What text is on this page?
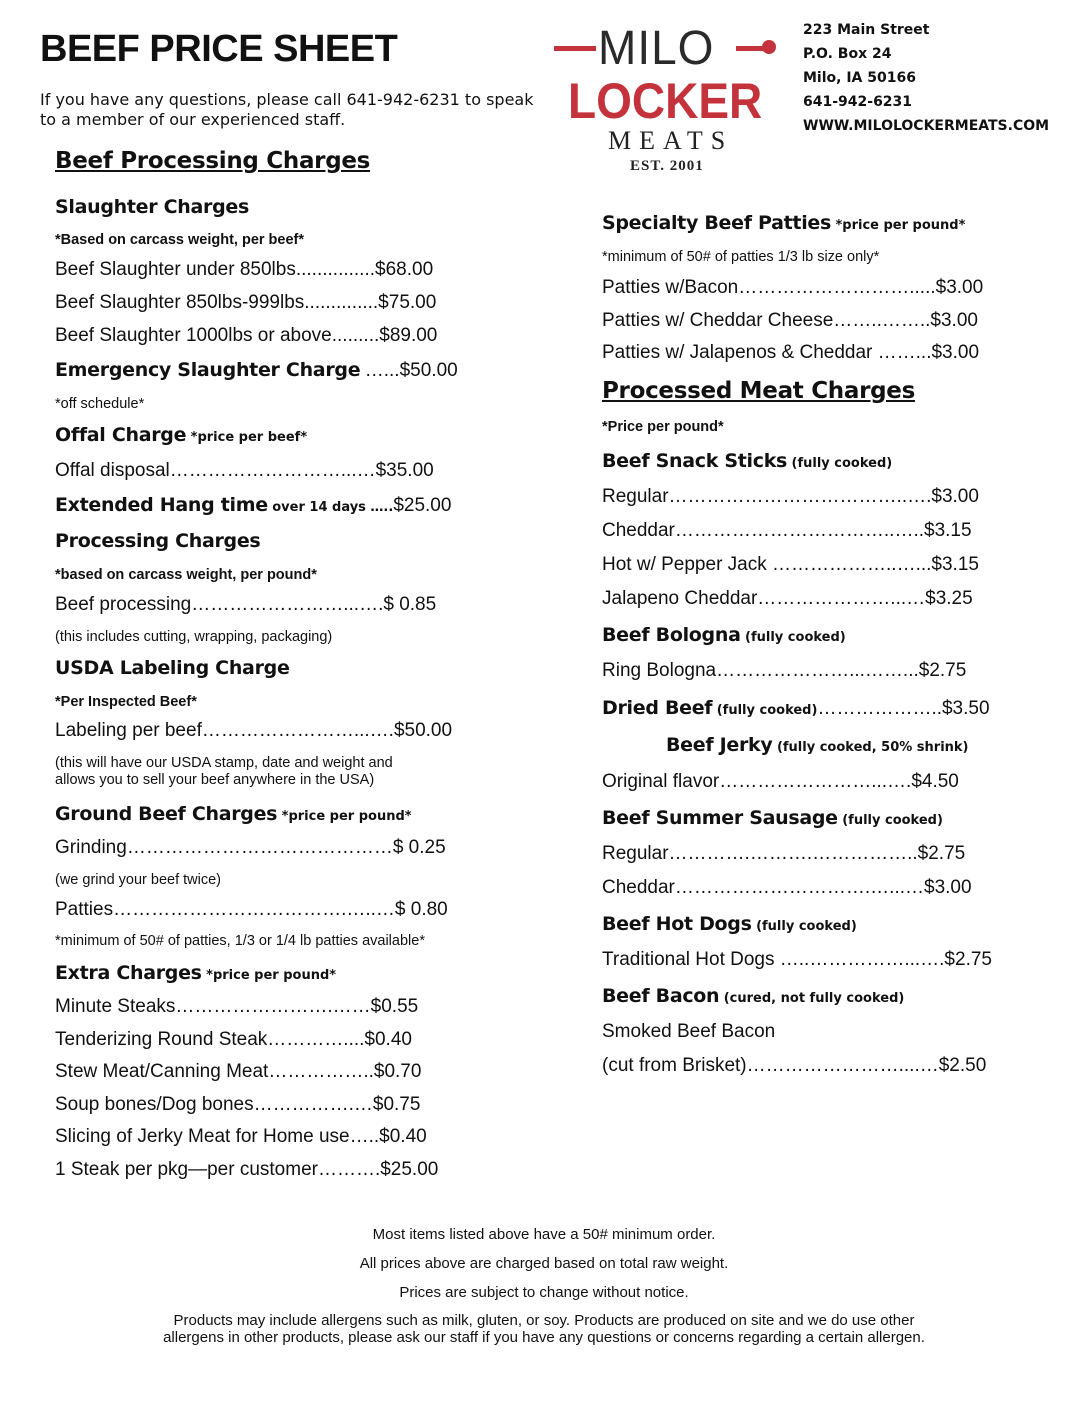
BEEF PRICE SHEET
If you have any questions, please call 641-942-6231 to speak to a member of our experienced staff.
MILO
LOCKER
MEATS
EST. 2001
223 Main Street
P.O. Box 24
Milo, IA 50166
641-942-6231
WWW.MILOLOCKERMEATS.COM
Beef Processing Charges
Slaughter Charges
*Based on carcass weight, per beef*
Beef Slaughter under 850lbs...............$68.00
Beef Slaughter 850lbs-999lbs..............$75.00
Beef Slaughter 1000lbs or above.........$89.00
Emergency Slaughter Charge …...$50.00
*off schedule*
Offal Charge *price per beef*
Offal disposal………………………...…$35.00
Extended Hang time over 14 days …..$25.00
Processing Charges
*based on carcass weight, per pound*
Beef processing……………………...….$ 0.85
(this includes cutting, wrapping, packaging)
USDA Labeling Charge
*Per Inspected Beef*
Labeling per beef……………………...….$50.00
(this will have our USDA stamp, date and weight and
allows you to sell your beef anywhere in the USA)
Ground Beef Charges *price per pound*
Grinding……………………………………$ 0.25
(we grind your beef twice)
Patties……………………………….…..…$ 0.80
*minimum of 50# of patties, 1/3 or 1/4 lb patties available*
Extra Charges *price per pound*
Minute Steaks…………………….……$0.55
Tenderizing Round Steak…………....$0.40
Stew Meat/Canning Meat……………..$0.70
Soup bones/Dog bones…………….…$0.75
Slicing of Jerky Meat for Home use…..$0.40
1 Steak per pkg—per customer……….$25.00
Specialty Beef Patties *price per pound*
*minimum of 50# of patties 1/3 lb size only*
Patties w/Bacon……………………….....$3.00
Patties w/ Cheddar Cheese……..……..$3.00
Patties w/ Jalapenos & Cheddar ……...$3.00
Processed Meat Charges
*Price per pound*
Beef Snack Sticks (fully cooked)
Regular………………………………..….$3.00
Cheddar……………………………..…..$3.15
Hot w/ Pepper Jack ………………..…...$3.15
Jalapeno Cheddar…………………...…$3.25
Beef Bologna (fully cooked)
Ring Bologna…………………...……...$2.75
Dried Beef (fully cooked)………………..$3.50
Beef Jerky (fully cooked, 50% shrink)
Original flavor……………………...….$4.50
Beef Summer Sausage (fully cooked)
Regular………….……….……………..$2.75
Cheddar………………………….…...…$3.00
Beef Hot Dogs (fully cooked)
Traditional Hot Dogs …..……………...….$2.75
Beef Bacon (cured, not fully cooked)
Smoked Beef Bacon
(cut from Brisket)……………………....…$2.50
Most items listed above have a 50# minimum order.
All prices above are charged based on total raw weight.
Prices are subject to change without notice.
Products may include allergens such as milk, gluten, or soy. Products are produced on site and we do use other
allergens in other products, please ask our staff if you have any questions or concerns regarding a certain allergen.
